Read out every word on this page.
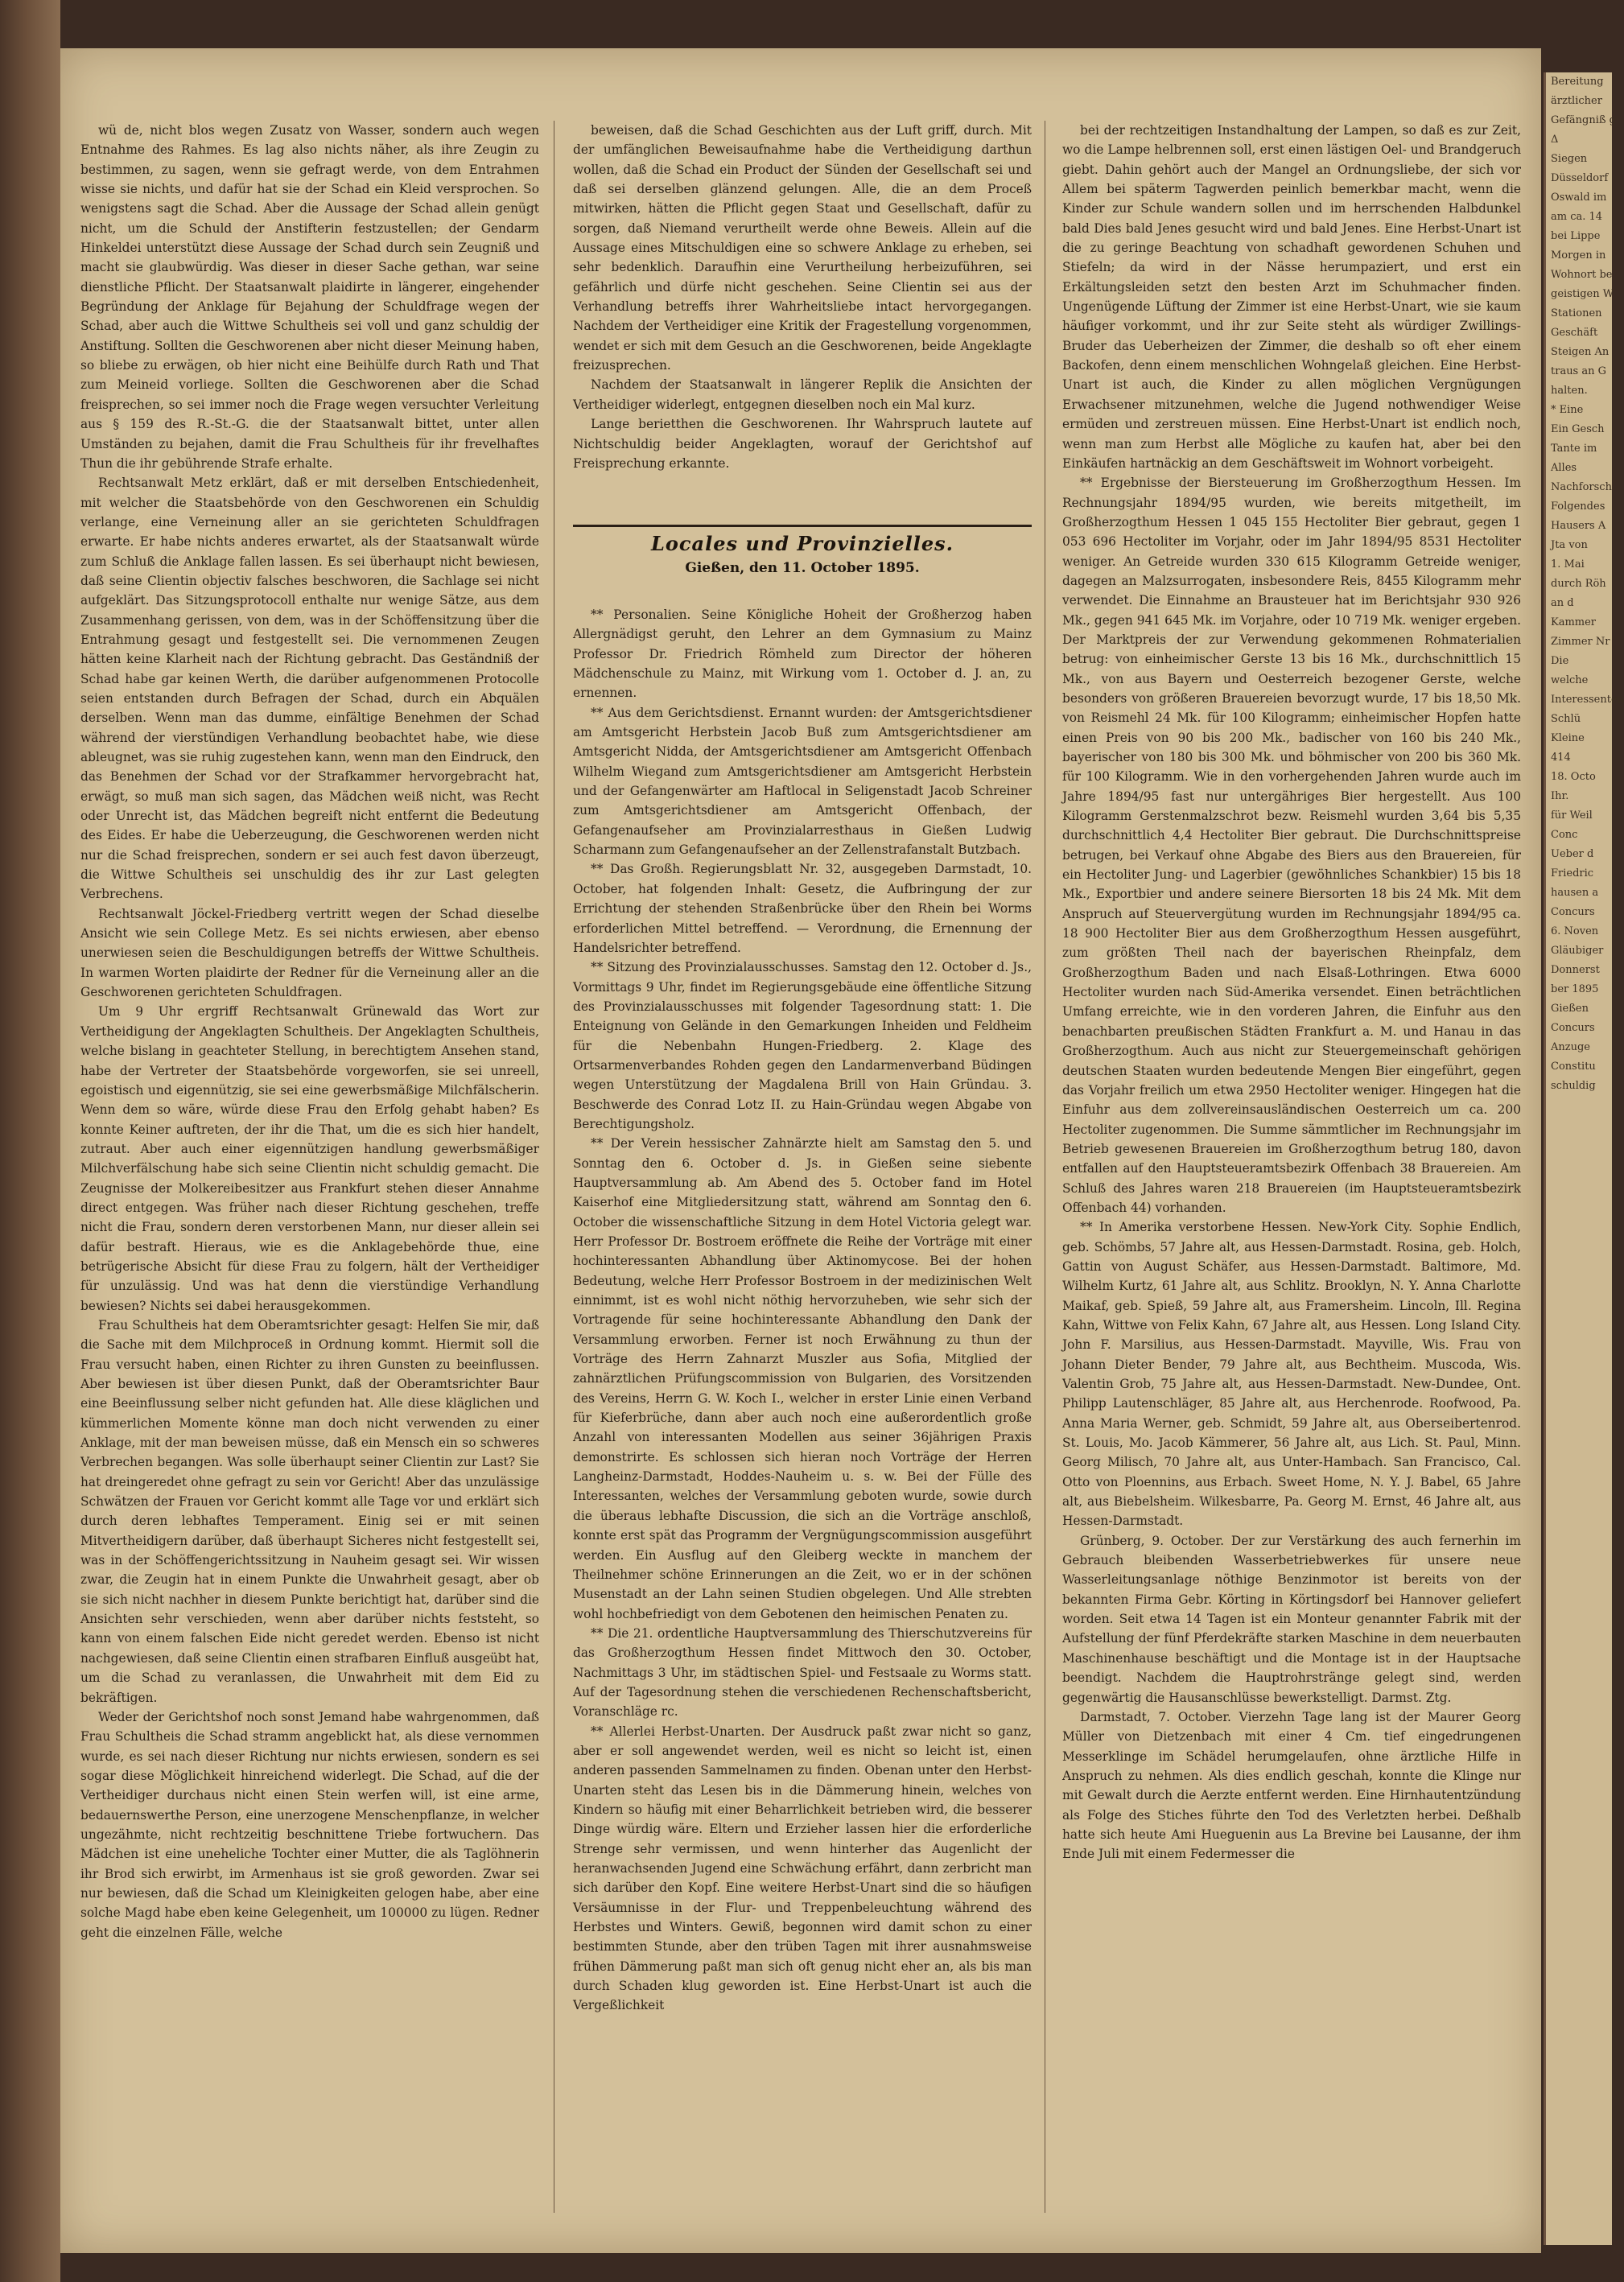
wü de, nicht blos wegen Zusatz von Wasser, sondern auch wegen Entnahme des Rahmes. Es lag also nichts näher, als ihre Zeugin zu bestimmen, zu sagen, wenn sie gefragt werde, von dem Entrahmen wisse sie nichts, und dafür hat sie der Schad ein Kleid versprochen. So wenigstens sagt die Schad. Aber die Aussage der Schad allein genügt nicht, um die Schuld der Anstifterin festzustellen; der Gendarm Hinkeldei unterstützt diese Aussage der Schad durch sein Zeugniß und macht sie glaubwürdig. Was dieser in dieser Sache gethan, war seine dienstliche Pflicht. Der Staatsanwalt plaidirte in längerer, eingehender Begründung der Anklage für Bejahung der Schuldfrage wegen der Schad, aber auch die Wittwe Schultheis sei voll und ganz schuldig der Anstiftung. Sollten die Geschworenen aber nicht dieser Meinung haben, so bliebe zu erwägen, ob hier nicht eine Beihülfe durch Rath und That zum Meineid vorliege. Sollten die Geschworenen aber die Schad freisprechen, so sei immer noch die Frage wegen versuchter Verleitung aus § 159 des R.-St.-G. die der Staatsanwalt bittet, unter allen Umständen zu bejahen, damit die Frau Schultheis für ihr frevelhaftes Thun die ihr gebührende Strafe erhalte.

Rechtsanwalt Metz erklärt, daß er mit derselben Entschiedenheit, mit welcher die Staatsbehörde von den Geschworenen ein Schuldig verlange, eine Verneinung aller an sie gerichteten Schuldfragen erwarte. Er habe nichts anderes erwartet, als der Staatsanwalt würde zum Schluß die Anklage fallen lassen. Es sei überhaupt nicht bewiesen, daß seine Clientin objectiv falsches beschworen, die Sachlage sei nicht aufgeklärt. Das Sitzungsprotocoll enthalte nur wenige Sätze, aus dem Zusammenhang gerissen, von dem, was in der Schöffensitzung über die Entrahmung gesagt und festgestellt sei. Die vernommenen Zeugen hätten keine Klarheit nach der Richtung gebracht. Das Geständniß der Schad habe gar keinen Werth, die darüber aufgenommenen Protocolle seien entstanden durch Befragen der Schad, durch ein Abquälen derselben. Wenn man das dumme, einfältige Benehmen der Schad während der vierstündigen Verhandlung beobachtet habe, wie diese ableugnet, was sie ruhig zugestehen kann, wenn man den Eindruck, den das Benehmen der Schad vor der Strafkammer hervorgebracht hat, erwägt, so muß man sich sagen, das Mädchen weiß nicht, was Recht oder Unrecht ist, das Mädchen begreift nicht entfernt die Bedeutung des Eides. Er habe die Ueberzeugung, die Geschworenen werden nicht nur die Schad freisprechen, sondern er sei auch fest davon überzeugt, die Wittwe Schultheis sei unschuldig des ihr zur Last gelegten Verbrechens.

Rechtsanwalt Jöckel-Friedberg vertritt wegen der Schad dieselbe Ansicht wie sein College Metz. Es sei nichts erwiesen, aber ebenso unerwiesen seien die Beschuldigungen betreffs der Wittwe Schultheis. In warmen Worten plaidirte der Redner für die Verneinung aller an die Geschworenen gerichteten Schuldfragen.

Um 9 Uhr ergriff Rechtsanwalt Grünewald das Wort zur Vertheidigung der Angeklagten Schultheis. Der Angeklagten Schultheis, welche bislang in geachteter Stellung, in berechtigtem Ansehen stand, habe der Vertreter der Staatsbehörde vorgeworfen, sie sei unreell, egoistisch und eigennützig, sie sei eine gewerbsmäßige Milchfälscherin. Wenn dem so wäre, würde diese Frau den Erfolg gehabt haben? Es konnte Keiner auftreten, der ihr die That, um die es sich hier handelt, zutraut. Aber auch einer eigennützigen handlung gewerbsmäßiger Milchverfälschung habe sich seine Clientin nicht schuldig gemacht. Die Zeugnisse der Molkereibesitzer aus Frankfurt stehen dieser Annahme direct entgegen. Was früher nach dieser Richtung geschehen, treffe nicht die Frau, sondern deren verstorbenen Mann, nur dieser allein sei dafür bestraft. Hieraus, wie es die Anklagebehörde thue, eine betrügerische Absicht für diese Frau zu folgern, hält der Vertheidiger für unzulässig. Und was hat denn die vierstündige Verhandlung bewiesen? Nichts sei dabei herausgekommen.

Frau Schultheis hat dem Oberamtsrichter gesagt: Helfen Sie mir, daß die Sache mit dem Milchproceß in Ordnung kommt. Hiermit soll die Frau versucht haben, einen Richter zu ihren Gunsten zu beeinflussen. Aber bewiesen ist über diesen Punkt, daß der Oberamtsrichter Baur eine Beeinflussung selber nicht gefunden hat. Alle diese kläglichen und kümmerlichen Momente könne man doch nicht verwenden zu einer Anklage, mit der man beweisen müsse, daß ein Mensch ein so schweres Verbrechen begangen. Was solle überhaupt seiner Clientin zur Last? Sie hat dreingeredet ohne gefragt zu sein vor Gericht! Aber das unzulässige Schwätzen der Frauen vor Gericht kommt alle Tage vor und erklärt sich durch deren lebhaftes Temperament. Einig sei er mit seinen Mitvertheidigern darüber, daß überhaupt Sicheres nicht festgestellt sei, was in der Schöffengerichtssitzung in Nauheim gesagt sei. Wir wissen zwar, die Zeugin hat in einem Punkte die Unwahrheit gesagt, aber ob sie sich nicht nachher in diesem Punkte berichtigt hat, darüber sind die Ansichten sehr verschieden, wenn aber darüber nichts feststeht, so kann von einem falschen Eide nicht geredet werden. Ebenso ist nicht nachgewiesen, daß seine Clientin einen strafbaren Einfluß ausgeübt hat, um die Schad zu veranlassen, die Unwahrheit mit dem Eid zu bekräftigen.

Weder der Gerichtshof noch sonst Jemand habe wahrgenommen, daß Frau Schultheis die Schad stramm angeblickt hat, als diese vernommen wurde, es sei nach dieser Richtung nur nichts erwiesen, sondern es sei sogar diese Möglichkeit hinreichend widerlegt. Die Schad, auf die der Vertheidiger durchaus nicht einen Stein werfen will, ist eine arme, bedauernswerthe Person, eine unerzogene Menschenpflanze, in welcher ungezähmte, nicht rechtzeitig beschnittene Triebe fortwuchern. Das Mädchen ist eine uneheliche Tochter einer Mutter, die als Taglöhnerin ihr Brod sich erwirbt, im Armenhaus ist sie groß geworden. Zwar sei nur bewiesen, daß die Schad um Kleinigkeiten gelogen habe, aber eine solche Magd habe eben keine Gelegenheit, um 100000 zu lügen. Redner geht die einzelnen Fälle, welche

beweisen, daß die Schad Geschichten aus der Luft griff, durch. Mit der umfänglichen Beweisaufnahme habe die Vertheidigung darthun wollen, daß die Schad ein Product der Sünden der Gesellschaft sei und daß sei derselben glänzend gelungen. Alle, die an dem Proceß mitwirken, hätten die Pflicht gegen Staat und Gesellschaft, dafür zu sorgen, daß Niemand verurtheilt werde ohne Beweis. Allein auf die Aussage eines Mitschuldigen eine so schwere Anklage zu erheben, sei sehr bedenklich. Daraufhin eine Verurtheilung herbeizuführen, sei gefährlich und dürfe nicht geschehen. Seine Clientin sei aus der Verhandlung betreffs ihrer Wahrheitsliebe intact hervorgegangen. Nachdem der Vertheidiger eine Kritik der Fragestellung vorgenommen, wendet er sich mit dem Gesuch an die Geschworenen, beide Angeklagte freizusprechen.

Nachdem der Staatsanwalt in längerer Replik die Ansichten der Vertheidiger widerlegt, entgegnen dieselben noch ein Mal kurz.

Lange berietthen die Geschworenen. Ihr Wahrspruch lautete auf Nichtschuldig beider Angeklagten, worauf der Gerichtshof auf Freisprechung erkannte.

Locales und Provinzielles.
Gießen, den 11. October 1895.

** Personalien. Seine Königliche Hoheit der Großherzog haben Allergnädigst geruht, den Lehrer an dem Gymnasium zu Mainz Professor Dr. Friedrich Römheld zum Director der höheren Mädchenschule zu Mainz, mit Wirkung vom 1. October d. J. an, zu ernennen.

** Aus dem Gerichtsdienst. Ernannt wurden: der Amtsgerichtsdiener am Amtsgericht Herbstein Jacob Buß zum Amtsgerichtsdiener am Amtsgericht Nidda, der Amtsgerichtsdiener am Amtsgericht Offenbach Wilhelm Wiegand zum Amtsgerichtsdiener am Amtsgericht Herbstein und der Gefangenwärter am Haftlocal in Seligenstadt Jacob Schreiner zum Amtsgerichtsdiener am Amtsgericht Offenbach, der Gefangenaufseher am Provinzialarresthaus in Gießen Ludwig Scharmann zum Gefangenaufseher an der Zellenstrafanstalt Butzbach.

** Das Großh. Regierungsblatt Nr. 32, ausgegeben Darmstadt, 10. October, hat folgenden Inhalt: Gesetz, die Aufbringung der zur Errichtung der stehenden Straßenbrücke über den Rhein bei Worms erforderlichen Mittel betreffend. — Verordnung, die Ernennung der Handelsrichter betreffend.

** Sitzung des Provinzialausschusses. Samstag den 12. October d. Js., Vormittags 9 Uhr, findet im Regierungsgebäude eine öffentliche Sitzung des Provinzialausschusses mit folgender Tagesordnung statt: 1. Die Enteignung von Gelände in den Gemarkungen Inheiden und Feldheim für die Nebenbahn Hungen-Friedberg. 2. Klage des Ortsarmenverbandes Rohden gegen den Landarmenverband Büdingen wegen Unterstützung der Magdalena Brill von Hain Gründau. 3. Beschwerde des Conrad Lotz II. zu Hain-Gründau wegen Abgabe von Berechtigungsholz.

** Der Verein hessischer Zahnärzte hielt am Samstag den 5. und Sonntag den 6. October d. Js. in Gießen seine siebente Hauptversammlung ab. Am Abend des 5. October fand im Hotel Kaiserhof eine Mitgliedersitzung statt, während am Sonntag den 6. October die wissenschaftliche Sitzung in dem Hotel Victoria gelegt war. Herr Professor Dr. Bostroem eröffnete die Reihe der Vorträge mit einer hochinteressanten Abhandlung über Aktinomycose. Bei der hohen Bedeutung, welche Herr Professor Bostroem in der medizinischen Welt einnimmt, ist es wohl nicht nöthig hervorzuheben, wie sehr sich der Vortragende für seine hochinteressante Abhandlung den Dank der Versammlung erworben. Ferner ist noch Erwähnung zu thun der Vorträge des Herrn Zahnarzt Muszler aus Sofia, Mitglied der zahnärztlichen Prüfungscommission von Bulgarien, des Vorsitzenden des Vereins, Herrn G. W. Koch I., welcher in erster Linie einen Verband für Kieferbrüche, dann aber auch noch eine außerordentlich große Anzahl von interessanten Modellen aus seiner 36jährigen Praxis demonstrirte. Es schlossen sich hieran noch Vorträge der Herren Langheinz-Darmstadt, Hoddes-Nauheim u. s. w. Bei der Fülle des Interessanten, welches der Versammlung geboten wurde, sowie durch die überaus lebhafte Discussion, die sich an die Vorträge anschloß, konnte erst spät das Programm der Vergnügungscommission ausgeführt werden. Ein Ausflug auf den Gleiberg weckte in manchem der Theilnehmer schöne Erinnerungen an die Zeit, wo er in der schönen Musenstadt an der Lahn seinen Studien obgelegen. Und Alle strebten wohl hochbefriedigt von dem Gebotenen den heimischen Penaten zu.

** Die 21. ordentliche Hauptversammlung des Thierschutzvereins für das Großherzogthum Hessen findet Mittwoch den 30. October, Nachmittags 3 Uhr, im städtischen Spiel- und Festsaale zu Worms statt. Auf der Tagesordnung stehen die verschiedenen Rechenschaftsbericht, Voranschläge rc.

** Allerlei Herbst-Unarten. Der Ausdruck paßt zwar nicht so ganz, aber er soll angewendet werden, weil es nicht so leicht ist, einen anderen passenden Sammelnamen zu finden. Obenan unter den Herbst-Unarten steht das Lesen bis in die Dämmerung hinein, welches von Kindern so häufig mit einer Beharrlichkeit betrieben wird, die besserer Dinge würdig wäre. Eltern und Erzieher lassen hier die erforderliche Strenge sehr vermissen, und wenn hinterher das Augenlicht der heranwachsenden Jugend eine Schwächung erfährt, dann zerbricht man sich darüber den Kopf. Eine weitere Herbst-Unart sind die so häufigen Versäumnisse in der Flur- und Treppenbeleuchtung während des Herbstes und Winters. Gewiß, begonnen wird damit schon zu einer bestimmten Stunde, aber den trüben Tagen mit ihrer ausnahmsweise frühen Dämmerung paßt man sich oft genug nicht eher an, als bis man durch Schaden klug geworden ist. Eine Herbst-Unart ist auch die Vergeßlichkeit

bei der rechtzeitigen Instandhaltung der Lampen, so daß es zur Zeit, wo die Lampe helbrennen soll, erst einen lästigen Oel- und Brandgeruch giebt. Dahin gehört auch der Mangel an Ordnungsliebe, der sich vor Allem bei späterm Tagwerden peinlich bemerkbar macht, wenn die Kinder zur Schule wandern sollen und im herrschenden Halbdunkel bald Dies bald Jenes gesucht wird und bald Jenes. Eine Herbst-Unart ist die zu geringe Beachtung von schadhaft gewordenen Schuhen und Stiefeln; da wird in der Nässe herumpaziert, und erst ein Erkältungsleiden setzt den besten Arzt im Schuhmacher finden. Ungenügende Lüftung der Zimmer ist eine Herbst-Unart, wie sie kaum häufiger vorkommt, und ihr zur Seite steht als würdiger Zwillings-Bruder das Ueberheizen der Zimmer, die deshalb so oft eher einem Backofen, denn einem menschlichen Wohngelaß gleichen. Eine Herbst-Unart ist auch, die Kinder zu allen möglichen Vergnügungen Erwachsener mitzunehmen, welche die Jugend nothwendiger Weise ermüden und zerstreuen müssen. Eine Herbst-Unart ist endlich noch, wenn man zum Herbst alle Mögliche zu kaufen hat, aber bei den Einkäufen hartnäckig an dem Geschäftsweit im Wohnort vorbeigeht.

** Ergebnisse der Biersteuerung im Großherzogthum Hessen. Im Rechnungsjahr 1894/95 wurden, wie bereits mitgetheilt, im Großherzogthum Hessen 1 045 155 Hectoliter Bier gebraut, gegen 1 053 696 Hectoliter im Vorjahr, oder im Jahr 1894/95 8531 Hectoliter weniger. An Getreide wurden 330 615 Kilogramm Getreide weniger, dagegen an Malzsurrogaten, insbesondere Reis, 8455 Kilogramm mehr verwendet. Die Einnahme an Brausteuer hat im Berichtsjahr 930 926 Mk., gegen 941 645 Mk. im Vorjahre, oder 10 719 Mk. weniger ergeben. Der Marktpreis der zur Verwendung gekommenen Rohmaterialien betrug: von einheimischer Gerste 13 bis 16 Mk., durchschnittlich 15 Mk., von aus Bayern und Oesterreich bezogener Gerste, welche besonders von größeren Brauereien bevorzugt wurde, 17 bis 18,50 Mk. von Reismehl 24 Mk. für 100 Kilogramm; einheimischer Hopfen hatte einen Preis von 90 bis 200 Mk., badischer von 160 bis 240 Mk., bayerischer von 180 bis 300 Mk. und böhmischer von 200 bis 360 Mk. für 100 Kilogramm. Wie in den vorhergehenden Jahren wurde auch im Jahre 1894/95 fast nur untergähriges Bier hergestellt. Aus 100 Kilogramm Gerstenmalzschrot bezw. Reismehl wurden 3,64 bis 5,35 durchschnittlich 4,4 Hectoliter Bier gebraut. Die Durchschnittspreise betrugen, bei Verkauf ohne Abgabe des Biers aus den Brauereien, für ein Hectoliter Jung- und Lagerbier (gewöhnliches Schankbier) 15 bis 18 Mk., Exportbier und andere seinere Biersorten 18 bis 24 Mk. Mit dem Anspruch auf Steuervergütung wurden im Rechnungsjahr 1894/95 ca. 18 900 Hectoliter Bier aus dem Großherzogthum Hessen ausgeführt, zum größten Theil nach der bayerischen Rheinpfalz, dem Großherzogthum Baden und nach Elsaß-Lothringen. Etwa 6000 Hectoliter wurden nach Süd-Amerika versendet. Einen beträchtlichen Umfang erreichte, wie in den vorderen Jahren, die Einfuhr aus den benachbarten preußischen Städten Frankfurt a. M. und Hanau in das Großherzogthum. Auch aus nicht zur Steuergemeinschaft gehörigen deutschen Staaten wurden bedeutende Mengen Bier eingeführt, gegen das Vorjahr freilich um etwa 2950 Hectoliter weniger. Hingegen hat die Einfuhr aus dem zollvereinsausländischen Oesterreich um ca. 200 Hectoliter zugenommen. Die Summe sämmtlicher im Rechnungsjahr im Betrieb gewesenen Brauereien im Großherzogthum betrug 180, davon entfallen auf den Hauptsteueramtsbezirk Offenbach 38 Brauereien. Am Schluß des Jahres waren 218 Brauereien (im Hauptsteueramtsbezirk Offenbach 44) vorhanden.

** In Amerika verstorbene Hessen. New-York City. Sophie Endlich, geb. Schömbs, 57 Jahre alt, aus Hessen-Darmstadt. Rosina, geb. Holch, Gattin von August Schäfer, aus Hessen-Darmstadt. Baltimore, Md. Wilhelm Kurtz, 61 Jahre alt, aus Schlitz. Brooklyn, N. Y. Anna Charlotte Maikaf, geb. Spieß, 59 Jahre alt, aus Framersheim. Lincoln, Ill. Regina Kahn, Wittwe von Felix Kahn, 67 Jahre alt, aus Hessen. Long Island City. John F. Marsilius, aus Hessen-Darmstadt. Mayville, Wis. Frau von Johann Dieter Bender, 79 Jahre alt, aus Bechtheim. Muscoda, Wis. Valentin Grob, 75 Jahre alt, aus Hessen-Darmstadt. New-Dundee, Ont. Philipp Lautenschläger, 85 Jahre alt, aus Herchenrode. Roofwood, Pa. Anna Maria Werner, geb. Schmidt, 59 Jahre alt, aus Oberseibertenrod. St. Louis, Mo. Jacob Kämmerer, 56 Jahre alt, aus Lich. St. Paul, Minn. Georg Milisch, 70 Jahre alt, aus Unter-Hambach. San Francisco, Cal. Otto von Ploennins, aus Erbach. Sweet Home, N. Y. J. Babel, 65 Jahre alt, aus Biebelsheim. Wilkesbarre, Pa. Georg M. Ernst, 46 Jahre alt, aus Hessen-Darmstadt.

Grünberg, 9. October. Der zur Verstärkung des auch fernerhin im Gebrauch bleibenden Wasserbetriebwerkes für unsere neue Wasserleitungsanlage nöthige Benzinmotor ist bereits von der bekannten Firma Gebr. Körting in Körtingsdorf bei Hannover geliefert worden. Seit etwa 14 Tagen ist ein Monteur genannter Fabrik mit der Aufstellung der fünf Pferdekräfte starken Maschine in dem neuerbauten Maschinenhause beschäftigt und die Montage ist in der Hauptsache beendigt. Nachdem die Hauptrohrstränge gelegt sind, werden gegenwärtig die Hausanschlüsse bewerkstelligt. Darmst. Ztg.

Darmstadt, 7. October. Vierzehn Tage lang ist der Maurer Georg Müller von Dietzenbach mit einer 4 Cm. tief eingedrungenen Messerklinge im Schädel herumgelaufen, ohne ärztliche Hilfe in Anspruch zu nehmen. Als dies endlich geschah, konnte die Klinge nur mit Gewalt durch die Aerzte entfernt werden. Eine Hirnhautentzündung als Folge des Stiches führte den Tod des Verletzten herbei. Deßhalb hatte sich heute Ami Hueguenin aus La Brevine bei Lausanne, der ihm Ende Juli mit einem Federmesser die

Bereitung
ärztlicher
Gefängniß g
Δ
Siegen
Düsseldorf
Oswald im
am ca. 14
bei Lippe
Morgen in
Wohnort be
geistigen W
Stationen
Geschäft
Steigen An
traus an G
halten.
* Eine
Ein Gesch
Tante im
Alles
Nachforsch
Folgendes
Hausers A
Jta von
1. Mai
durch Röh
an d
Kammer
Zimmer Nr
Die
welche
Interessenten
Schlü
Kleine
414
18. Octo
Ihr.
für Weil
Conc
Ueber d
Friedric
hausen a
Concurs
6. Noven
Gläubiger
Donnerst
ber 1895
Gießen
Concurs
Anzuge
Constitu
schuldig
